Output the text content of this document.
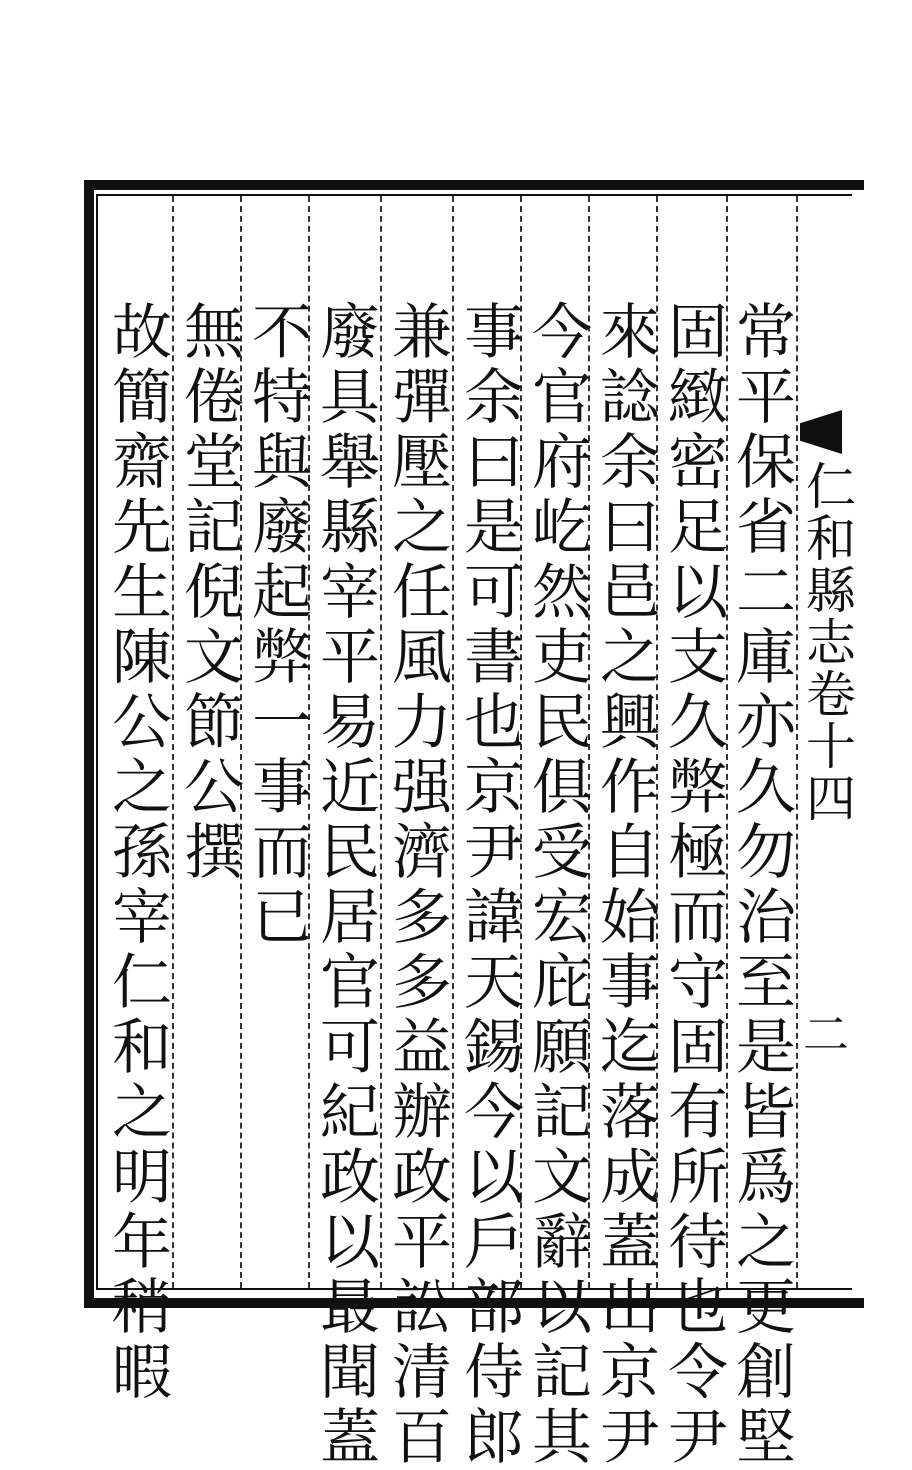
仁和縣志卷十四
二
常平保省二庫亦久勿治至是皆爲之更創堅
固緻密足以支久弊極而守固有所待也令尹
來諗余曰邑之興作自始事迄落成蓋出京尹
今官府屹然吏民俱受宏庇願記文辭以記其
事余曰是可書也京尹諱天錫今以戶部侍郎
兼彈壓之任風力强濟多多益辦政平訟清百
廢具舉縣宰平易近民居官可紀政以最聞蓋
不特與廢起弊一事而已
無倦堂記倪文節公撰
故簡齋先生陳公之孫宰仁和之明年稍暇
